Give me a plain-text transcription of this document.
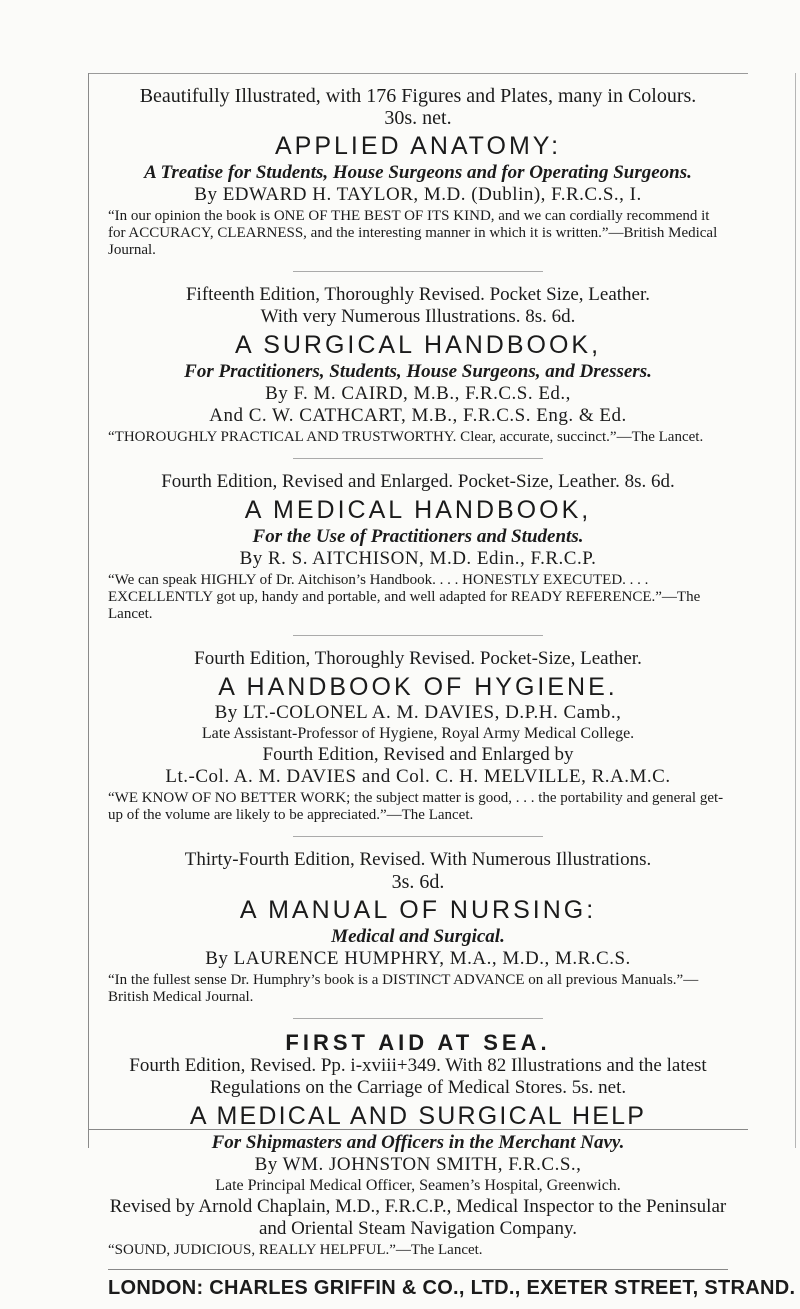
Beautifully Illustrated, with 176 Figures and Plates, many in Colours.
30s. net.
APPLIED ANATOMY:
A Treatise for Students, House Surgeons and for Operating Surgeons.
By EDWARD H. TAYLOR, M.D. (Dublin), F.R.C.S., I.
“In our opinion the book is ONE OF THE BEST OF ITS KIND, and we can cordially recommend it for ACCURACY, CLEARNESS, and the interesting manner in which it is written.”—British Medical Journal.
Fifteenth Edition, Thoroughly Revised. Pocket Size, Leather.
With very Numerous Illustrations. 8s. 6d.
A SURGICAL HANDBOOK,
For Practitioners, Students, House Surgeons, and Dressers.
By F. M. CAIRD, M.B., F.R.C.S. Ed.,
And C. W. CATHCART, M.B., F.R.C.S. Eng. & Ed.
“THOROUGHLY PRACTICAL AND TRUSTWORTHY. Clear, accurate, succinct.”—The Lancet.
Fourth Edition, Revised and Enlarged. Pocket-Size, Leather. 8s. 6d.
A MEDICAL HANDBOOK,
For the Use of Practitioners and Students.
By R. S. AITCHISON, M.D. Edin., F.R.C.P.
“We can speak HIGHLY of Dr. Aitchison’s Handbook. . . . HONESTLY EXECUTED. . . . EXCELLENTLY got up, handy and portable, and well adapted for READY REFERENCE.”—The Lancet.
Fourth Edition, Thoroughly Revised. Pocket-Size, Leather.
A HANDBOOK OF HYGIENE.
By LT.-COLONEL A. M. DAVIES, D.P.H. Camb.,
Late Assistant-Professor of Hygiene, Royal Army Medical College.
Fourth Edition, Revised and Enlarged by
Lt.-Col. A. M. DAVIES and Col. C. H. MELVILLE, R.A.M.C.
“WE KNOW OF NO BETTER WORK; the subject matter is good, . . . the portability and general get-up of the volume are likely to be appreciated.”—The Lancet.
Thirty-Fourth Edition, Revised. With Numerous Illustrations.
3s. 6d.
A MANUAL OF NURSING:
Medical and Surgical.
By LAURENCE HUMPHRY, M.A., M.D., M.R.C.S.
“In the fullest sense Dr. Humphry’s book is a DISTINCT ADVANCE on all previous Manuals.”—British Medical Journal.
FIRST AID AT SEA.
Fourth Edition, Revised. Pp. i-xviii+349. With 82 Illustrations and the latest Regulations on the Carriage of Medical Stores. 5s. net.
A MEDICAL AND SURGICAL HELP
For Shipmasters and Officers in the Merchant Navy.
By WM. JOHNSTON SMITH, F.R.C.S.,
Late Principal Medical Officer, Seamen’s Hospital, Greenwich.
Revised by Arnold Chaplain, M.D., F.R.C.P., Medical Inspector to the Peninsular and Oriental Steam Navigation Company.
“SOUND, JUDICIOUS, REALLY HELPFUL.”—The Lancet.
LONDON: CHARLES GRIFFIN & CO., LTD., EXETER STREET, STRAND.
